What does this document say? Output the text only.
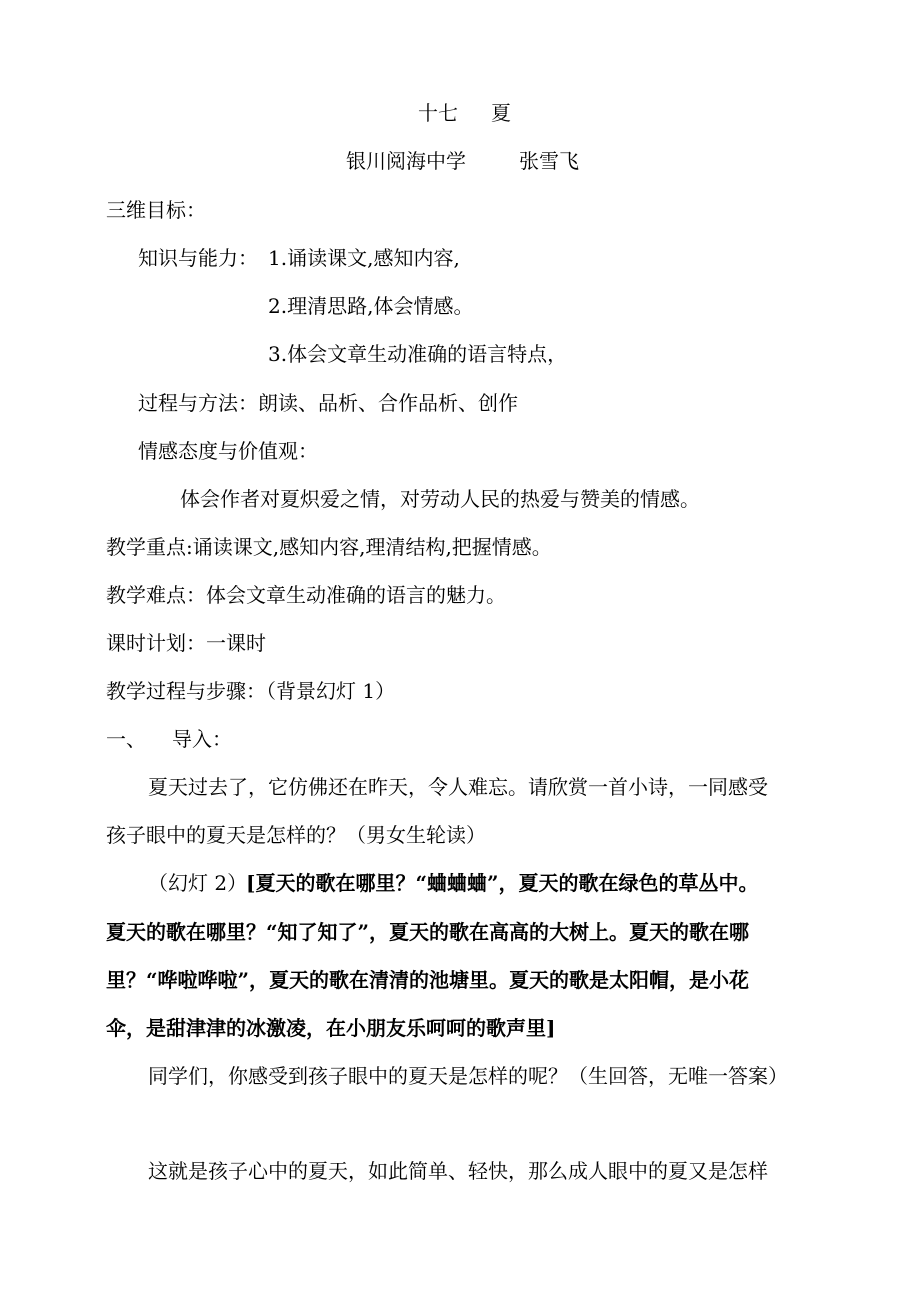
十七 夏
银川阅海中学	张雪飞
三维目标：
知识与能力： 1.诵读课文,感知内容,
2.理清思路,体会情感。
3.体会文章生动准确的语言特点，
过程与方法：朗读、品析、合作品析、创作
情感态度与价值观：
体会作者对夏炽爱之情，对劳动人民的热爱与赞美的情感。
教学重点:诵读课文,感知内容,理清结构,把握情感。
教学难点：体会文章生动准确的语言的魅力。
课时计划：一课时
教学过程与步骤：（背景幻灯 1）
一、 导入：
夏天过去了，它仿佛还在昨天，令人难忘。请欣赏一首小诗，一同感受
孩子眼中的夏天是怎样的？（男女生轮读）
（幻灯 2）
[夏天的歌在哪里？“蛐蛐蛐”，夏天的歌在绿色的草丛中。
夏天的歌在哪里？“知了知了”，夏天的歌在高高的大树上。夏天的歌在哪
里？“哗啦哗啦”，夏天的歌在清清的池塘里。夏天的歌是太阳帽，是小花
伞，是甜津津的冰激凌，在小朋友乐呵呵的歌声里]
同学们，你感受到孩子眼中的夏天是怎样的呢？（生回答，无唯一答案）
这就是孩子心中的夏天，如此简单、轻快，那么成人眼中的夏又是怎样
